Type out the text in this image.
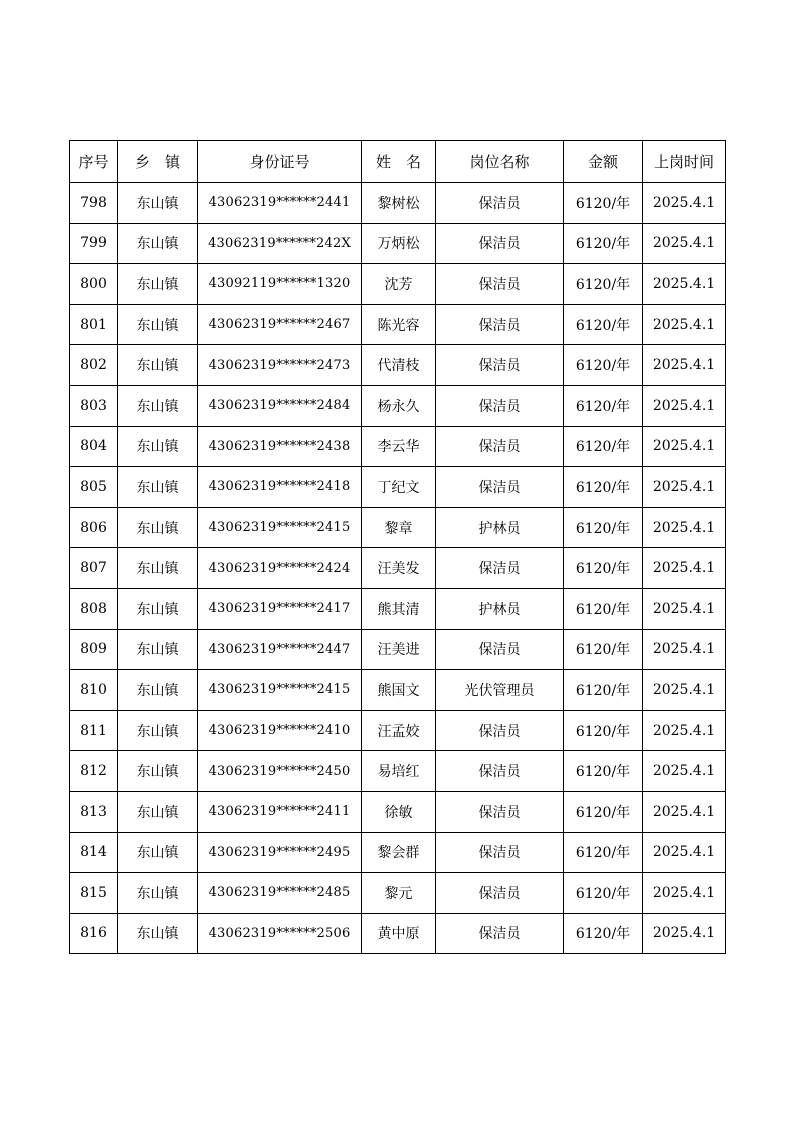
序号	乡　镇	身份证号	姓　名	岗位名称	金额	上岗时间
798	东山镇	43062319******2441	黎树松	保洁员	6120/年	2025.4.1
799	东山镇	43062319******242X	万炳松	保洁员	6120/年	2025.4.1
800	东山镇	43092119******1320	沈芳	保洁员	6120/年	2025.4.1
801	东山镇	43062319******2467	陈光容	保洁员	6120/年	2025.4.1
802	东山镇	43062319******2473	代清枝	保洁员	6120/年	2025.4.1
803	东山镇	43062319******2484	杨永久	保洁员	6120/年	2025.4.1
804	东山镇	43062319******2438	李云华	保洁员	6120/年	2025.4.1
805	东山镇	43062319******2418	丁纪文	保洁员	6120/年	2025.4.1
806	东山镇	43062319******2415	黎章	护林员	6120/年	2025.4.1
807	东山镇	43062319******2424	汪美发	保洁员	6120/年	2025.4.1
808	东山镇	43062319******2417	熊其清	护林员	6120/年	2025.4.1
809	东山镇	43062319******2447	汪美进	保洁员	6120/年	2025.4.1
810	东山镇	43062319******2415	熊国文	光伏管理员	6120/年	2025.4.1
811	东山镇	43062319******2410	汪孟姣	保洁员	6120/年	2025.4.1
812	东山镇	43062319******2450	易培红	保洁员	6120/年	2025.4.1
813	东山镇	43062319******2411	徐敏	保洁员	6120/年	2025.4.1
814	东山镇	43062319******2495	黎会群	保洁员	6120/年	2025.4.1
815	东山镇	43062319******2485	黎元	保洁员	6120/年	2025.4.1
816	东山镇	43062319******2506	黄中原	保洁员	6120/年	2025.4.1
